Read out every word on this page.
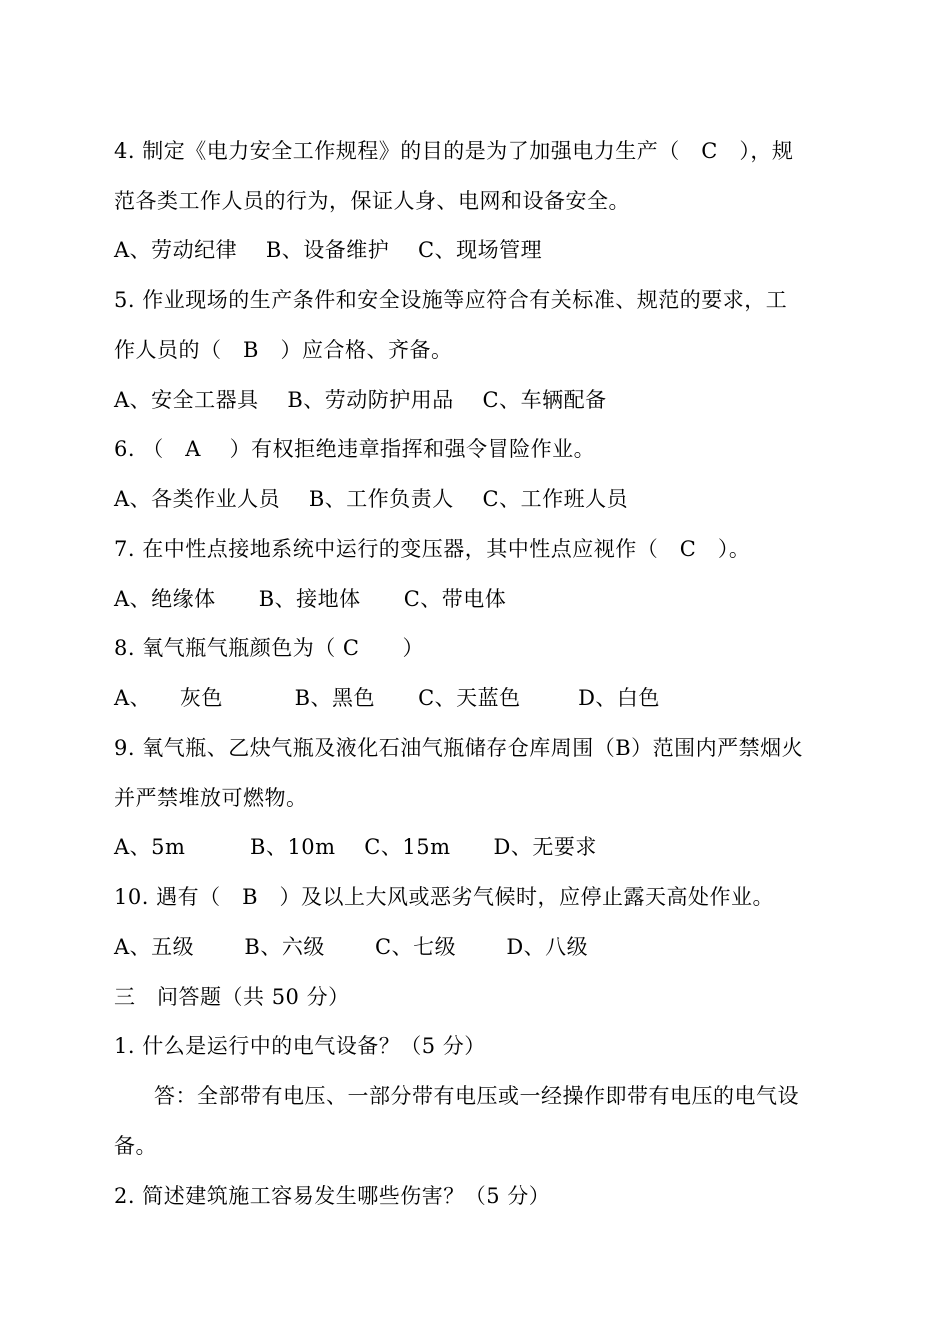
4. 制定《电力安全工作规程》的目的是为了加强电力生产（   C   ），规
范各类工作人员的行为，保证人身、电网和设备安全。
A、劳动纪律    B、设备维护    C、现场管理
5. 作业现场的生产条件和安全设施等应符合有关标准、规范的要求，工
作人员的（   B   ）应合格、齐备。
A、安全工器具    B、劳动防护用品    C、车辆配备
6. （   A    ）有权拒绝违章指挥和强令冒险作业。
A、各类作业人员    B、工作负责人    C、工作班人员
7. 在中性点接地系统中运行的变压器，其中性点应视作（   C   ）。
A、绝缘体      B、接地体      C、带电体
8. 氧气瓶气瓶颜色为（ C      ）
A、    灰色          B、黑色      C、天蓝色        D、白色
9. 氧气瓶、乙炔气瓶及液化石油气瓶储存仓库周围（B）范围内严禁烟火
并严禁堆放可燃物。
A、5m         B、10m    C、15m      D、无要求
10. 遇有（   B   ）及以上大风或恶劣气候时，应停止露天高处作业。
A、五级       B、六级       C、七级       D、八级
三   问答题（共 50 分）
1. 什么是运行中的电气设备？（5 分）
答：全部带有电压、一部分带有电压或一经操作即带有电压的电气设
备。
2. 简述建筑施工容易发生哪些伤害？（5 分）
